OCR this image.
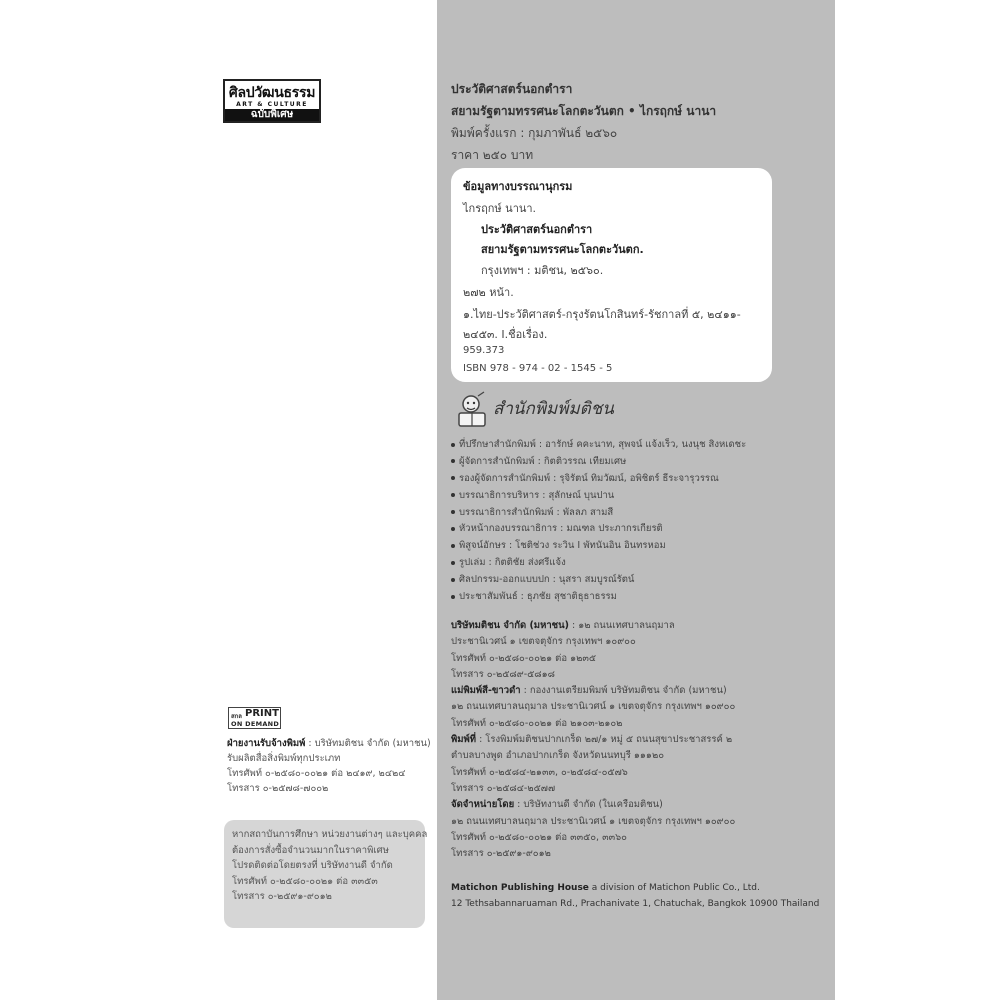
ศิลปวัฒนธรรม
ART & CULTURE
ฉบับพิเศษ
สกล PRINT
ON DEMAND
ฝ่ายงานรับจ้างพิมพ์ : บริษัทมติชน จำกัด (มหาชน)
รับผลิตสื่อสิ่งพิมพ์ทุกประเภท
โทรศัพท์ ๐-๒๕๘๐-๐๐๒๑ ต่อ ๒๔๑๙, ๒๔๒๔
โทรสาร ๐-๒๕๗๘-๗๐๐๒
หากสถาบันการศึกษา หน่วยงานต่างๆ และบุคคล
ต้องการสั่งซื้อจำนวนมากในราคาพิเศษ
โปรดติดต่อโดยตรงที่ บริษัทงานดี จำกัด
โทรศัพท์ ๐-๒๕๘๐-๐๐๒๑ ต่อ ๓๓๕๓
โทรสาร ๐-๒๕๙๑-๙๐๑๒
ประวัติศาสตร์นอกตำรา
สยามรัฐตามทรรศนะโลกตะวันตก • ไกรฤกษ์ นานา
พิมพ์ครั้งแรก : กุมภาพันธ์ ๒๕๖๐
ราคา ๒๕๐ บาท
ข้อมูลทางบรรณานุกรม
ไกรฤกษ์ นานา.
ประวัติศาสตร์นอกตำรา
สยามรัฐตามทรรศนะโลกตะวันตก.
กรุงเทพฯ : มติชน, ๒๕๖๐.
๒๗๒ หน้า.
๑.ไทย-ประวัติศาสตร์-กรุงรัตนโกสินทร์-รัชกาลที่ ๕, ๒๔๑๑-
๒๔๕๓. I.ชื่อเรื่อง.
959.373
ISBN 978 - 974 - 02 - 1545 - 5
สำนักพิมพ์มติชน
ที่ปรึกษาสำนักพิมพ์ : อารักษ์ คคะนาท, สุพจน์ แจ้งเร็ว, นงนุช สิงหเดชะ
ผู้จัดการสำนักพิมพ์ : กิตติวรรณ เทียมเศษ
รองผู้จัดการสำนักพิมพ์ : รุจิรัตน์ ทิมวัฒน์, อพิชิตร์ ธีระจารุวรรณ
บรรณาธิการบริหาร : สุลักษณ์ บุนปาน
บรรณาธิการสำนักพิมพ์ : พัลลภ สามสี
หัวหน้ากองบรรณาธิการ : มณฑล ประภากรเกียรติ
พิสูจน์อักษร : โชติช่วง ระวิน I พัทนันอิน อินทรหอม
รูปเล่ม : กิตติชัย ส่งศรีแจ้ง
ศิลปกรรม-ออกแบบปก : นุสรา สมบูรณ์รัตน์
ประชาสัมพันธ์ : ธุภชัย สุชาติธุธาธรรม
บริษัทมติชน จำกัด (มหาชน) : ๑๒ ถนนเทศบาลนฤมาล
ประชานิเวศน์ ๑ เขตจตุจักร กรุงเทพฯ ๑๐๙๐๐
โทรศัพท์ ๐-๒๕๘๐-๐๐๒๑ ต่อ ๑๒๓๕
โทรสาร ๐-๒๕๘๙-๕๘๑๘
แม่พิมพ์สี-ขาวดำ : กองงานเตรียมพิมพ์ บริษัทมติชน จำกัด (มหาชน)
๑๒ ถนนเทศบาลนฤมาล ประชานิเวศน์ ๑ เขตจตุจักร กรุงเทพฯ ๑๐๙๐๐
โทรศัพท์ ๐-๒๕๘๐-๐๐๒๑ ต่อ ๒๑๐๓-๒๑๐๒
พิมพ์ที่ : โรงพิมพ์มติชนปากเกร็ด ๒๗/๑ หมู่ ๕ ถนนสุขาประชาสรรค์ ๒
ตำบลบางพูด อำเภอปากเกร็ด จังหวัดนนทบุรี ๑๑๑๒๐
โทรศัพท์ ๐-๒๕๘๔-๒๑๓๓, ๐-๒๕๘๔-๐๕๗๖
โทรสาร ๐-๒๕๘๔-๒๕๗๗
จัดจำหน่ายโดย : บริษัทงานดี จำกัด (ในเครือมติชน)
๑๒ ถนนเทศบาลนฤมาล ประชานิเวศน์ ๑ เขตจตุจักร กรุงเทพฯ ๑๐๙๐๐
โทรศัพท์ ๐-๒๕๘๐-๐๐๒๑ ต่อ ๓๓๕๐, ๓๓๖๐
โทรสาร ๐-๒๕๙๑-๙๐๑๒
Matichon Publishing House a division of Matichon Public Co., Ltd.
12 Tethsabannaruaman Rd., Prachanivate 1, Chatuchak, Bangkok 10900 Thailand
